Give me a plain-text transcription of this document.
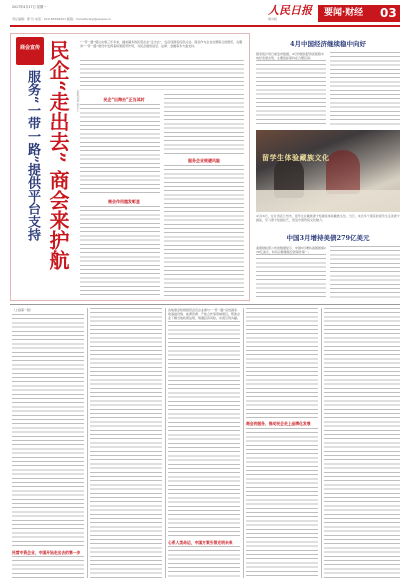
2017年4月17日 星期一
责任编辑：郭 玲 电话：010-65369201 邮箱：homeforsky@people.cn
人民日报
海外版
要闻·财经 03
商会宣传
服务“一带一路”提供平台支持 民企“走出去” 商会来护航	本报记者 孙天仁
“一带一路”倡议实施三年多来，越来越多的民营企业“走出去”，在沿线国家投资兴业。商会作为企业自愿联合的组织，在服务“一带一路”建设中发挥着桥梁纽带作用，为民企提供信息、法律、金融等多方面支持。
民企“出海去”正当其时
商会作用越发彰显
服务企业规避风险
4月中国经济继续稳中向好
国家统计局日前发布数据，4月份国民经济延续稳中向好发展态势，主要指标保持在合理区间。
留学生体验藏族文化
4月16日，在甘肃省兰州市，留学生在藏族唐卡绘画班体验藏族文化。当日，来自多个国家的留学生走进唐卡画室，学习唐卡绘画技艺，感受中国传统文化魅力。
中国3月增持美债279亿美元
美国财政部公布的数据显示，中国3月增持美国国债279亿美元，持有总额继续位居海外第一。
（上接第一版）
民营中资企业，中国开始走出去的第一步
各地商会积极组织会员企业参与“一带一路”沿线国家的基础设施、能源资源、产能合作等领域项目，帮助企业了解当地政策法规，规避投资风险，实现互利共赢。
心系人类命运，中国方案引领光明未来
商会的服务，推动民企走上品牌化发展
